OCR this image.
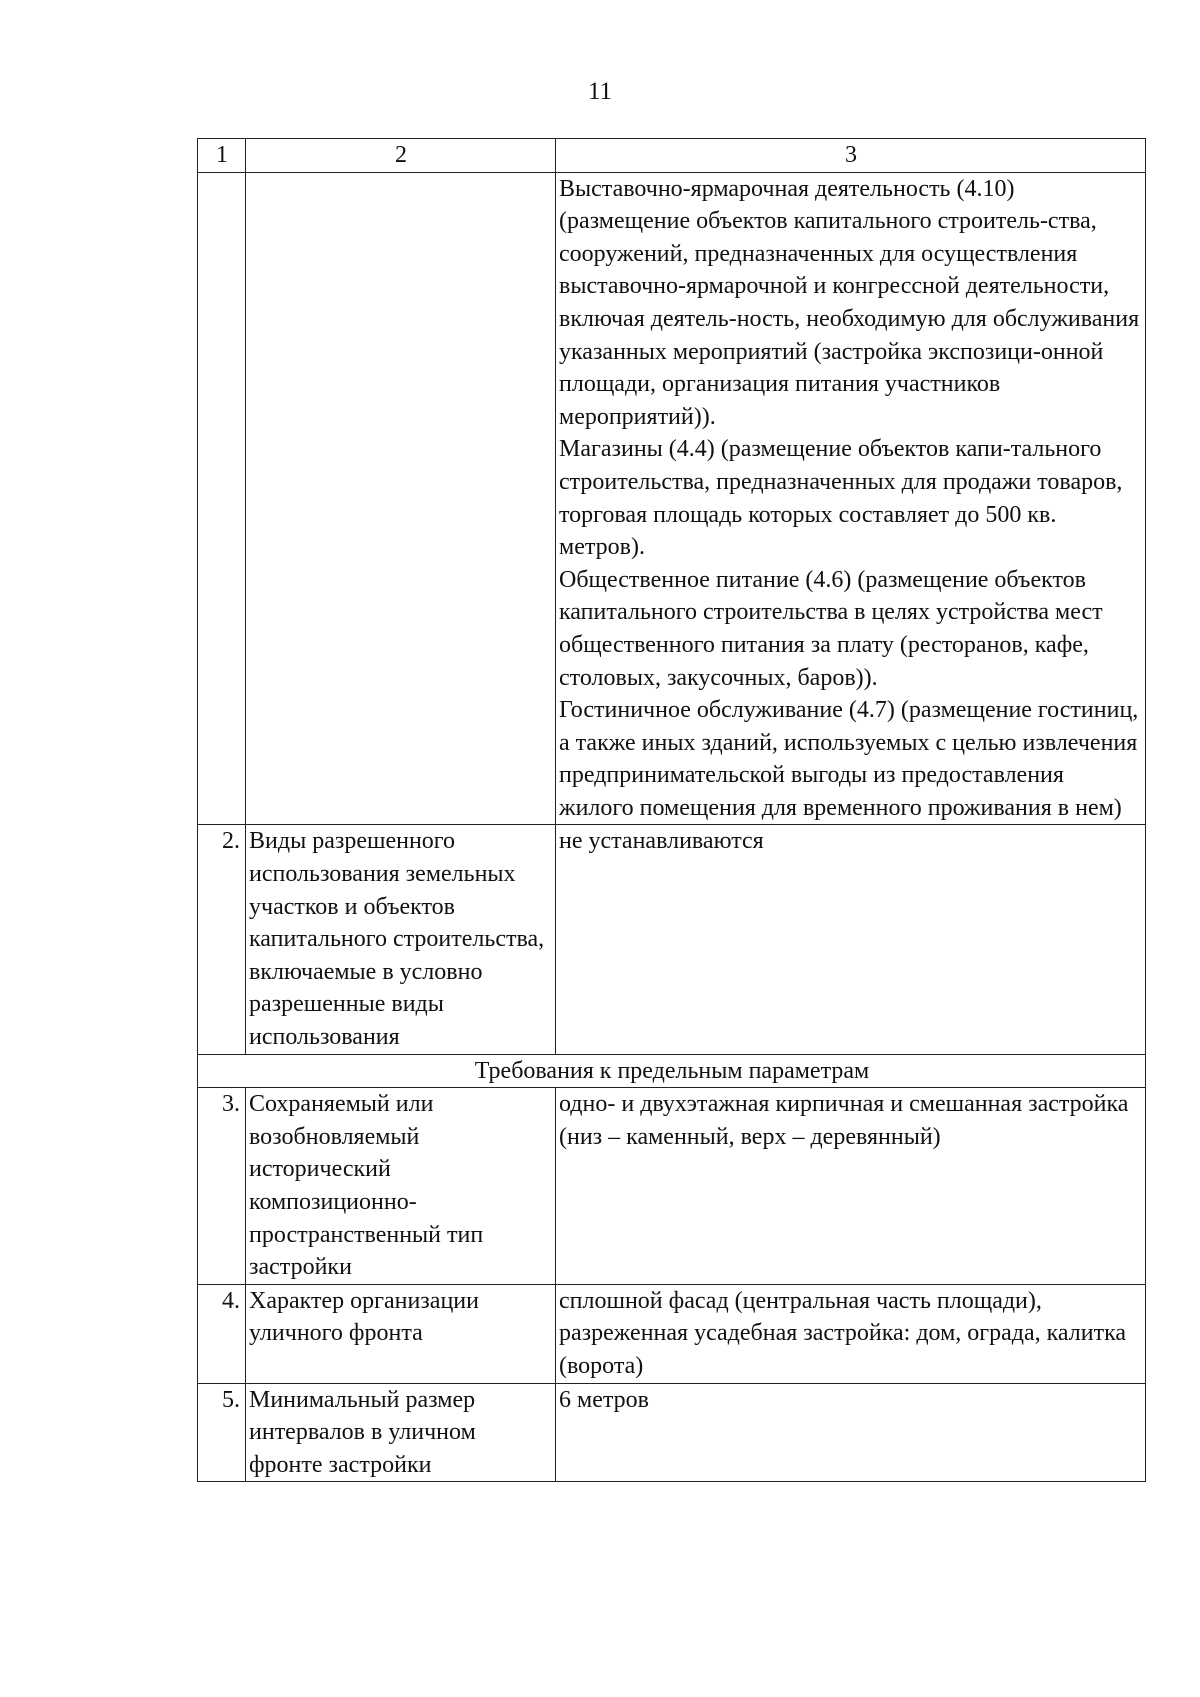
11
1	2	3

		Выставочно-ярмарочная деятельность (4.10) (размещение объектов капитального строитель-ства, сооружений, предназначенных для осуществления выставочно-ярмарочной и конгрессной деятельности, включая деятель-ность, необходимую для обслуживания указанных мероприятий (застройка экспозици-онной площади, организация питания участников мероприятий)).
Магазины (4.4) (размещение объектов капи-тального строительства, предназначенных для продажи товаров, торговая площадь которых составляет до 500 кв. метров).
Общественное питание (4.6) (размещение объектов капитального строительства в целях устройства мест общественного питания за плату (ресторанов, кафе, столовых, закусочных, баров)).
Гостиничное обслуживание (4.7) (размещение гостиниц, а также иных зданий, используемых с целью извлечения предпринимательской выгоды из предоставления жилого помещения для временного проживания в нем)

2.	Виды разрешенного использования земельных участков и объектов капитального строительства, включаемые в условно разрешенные виды использования	не устанавливаются
Требования к предельным параметрам		
3.	Сохраняемый или возобновляемый исторический композиционно-пространственный тип застройки	одно- и двухэтажная кирпичная и смешанная застройка (низ – каменный, верх – деревянный)
4.	Характер организации уличного фронта	сплошной фасад (центральная часть площади), разреженная усадебная застройка: дом, ограда, калитка (ворота)
5.	Минимальный размер интервалов в уличном фронте застройки	6 метров
